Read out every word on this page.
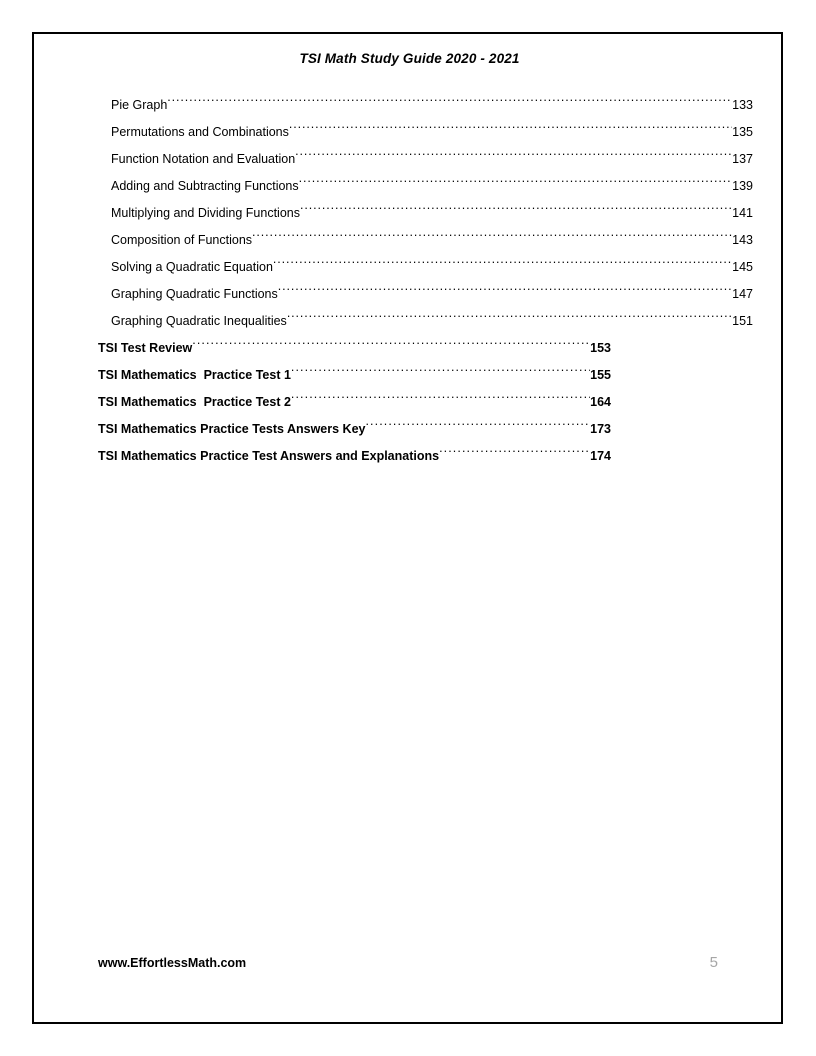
TSI Math Study Guide 2020 - 2021
Pie Graph .....	133
Permutations and Combinations .....	135
Function Notation and Evaluation .....	137
Adding and Subtracting Functions .....	139
Multiplying and Dividing Functions .....	141
Composition of Functions .....	143
Solving a Quadratic Equation .....	145
Graphing Quadratic Functions .....	147
Graphing Quadratic Inequalities .....	151
TSI Test Review .....	153
TSI Mathematics  Practice Test 1 .....	155
TSI Mathematics  Practice Test 2 .....	164
TSI Mathematics Practice Tests Answers Key .....	173
TSI Mathematics Practice Test Answers and Explanations .....	174
www.EffortlessMath.com	5
